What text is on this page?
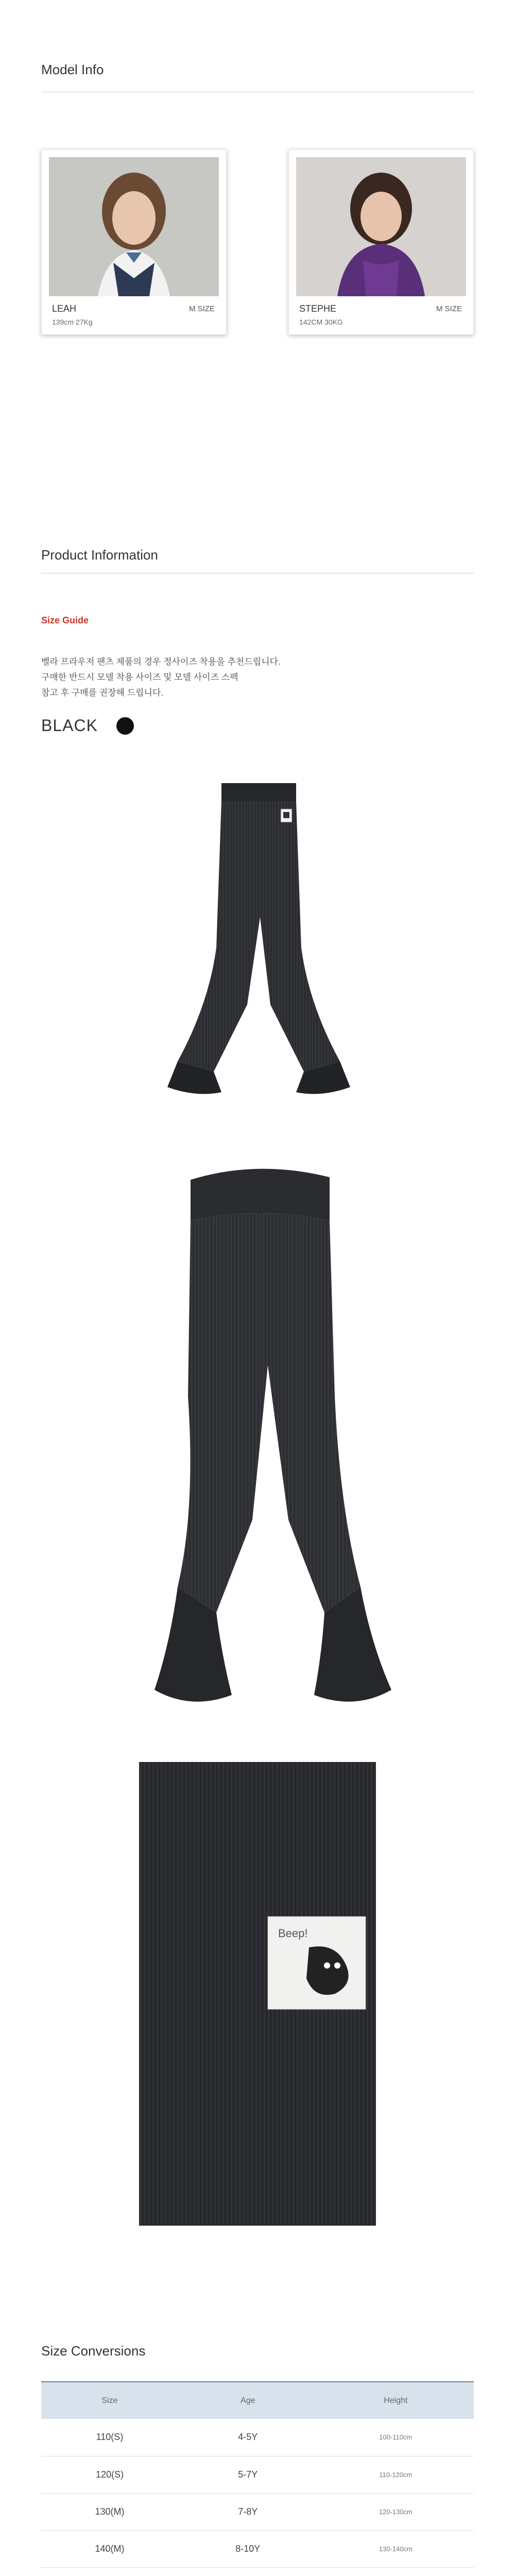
Model Info
LEAH	M SIZE
139cm 27Kg
STEPHE	M SIZE
142CM 30KG
Product Information
Size Guide
벨라 프라우저 팬츠 제품의 경우 정사이즈 착용을 추천드립니다.
구매한 반드시 모델 착용 사이즈 및 모델 사이즈 스펙
참고 후 구매를 권장해 드립니다.
BLACK
Beep!
Size Conversions
Size	Age	Height
110(S)	4-5Y	100-110cm
120(S)	5-7Y	110-120cm
130(M)	7-8Y	120-130cm
140(M)	8-10Y	130-140cm
